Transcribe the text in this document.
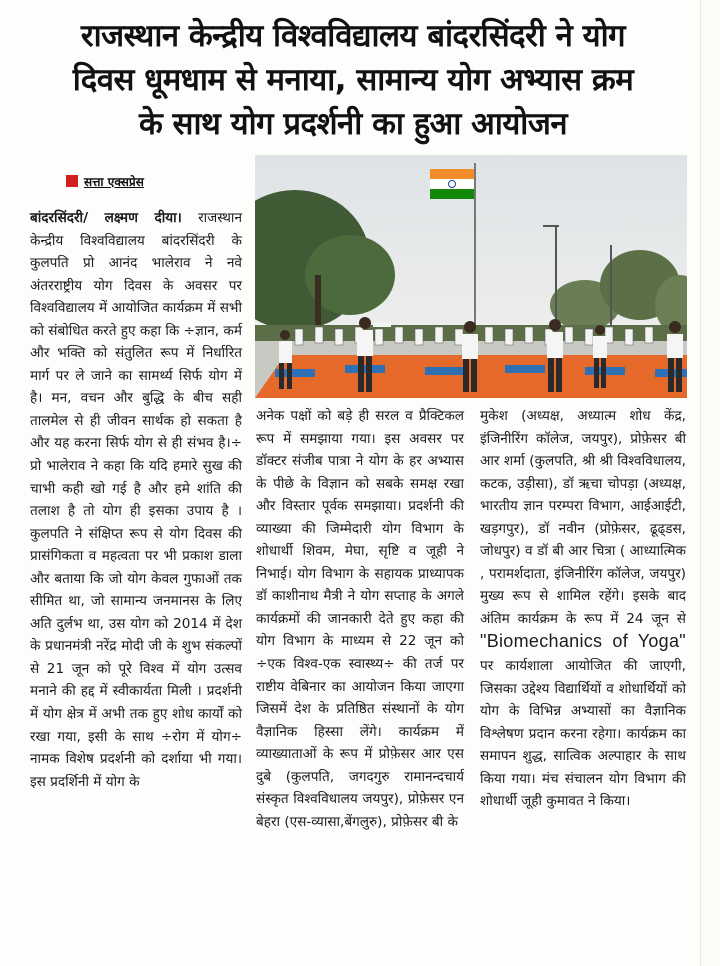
राजस्थान केन्द्रीय विश्वविद्यालय बांदरसिंदरी ने योग
दिवस धूमधाम से मनाया, सामान्य योग अभ्यास क्रम
के साथ योग प्रदर्शनी का हुआ आयोजन
सत्ता एक्सप्रेस

बांदरसिंदरी/ लक्ष्मण दीया। राजस्थान केन्द्रीय विश्वविद्यालय बांदरसिंदरी के कुलपति प्रो आनंद भालेराव ने नवे अंतरराष्ट्रीय योग दिवस के अवसर पर विश्वविद्यालय में आयोजित कार्यक्रम में सभी को संबोधित करते हुए कहा कि ÷ज्ञान, कर्म और भक्ति को संतुलित रूप में निर्धारित मार्ग पर ले जाने का सामर्थ्य सिर्फ योग में है। मन, वचन और बुद्धि के बीच सही तालमेल से ही जीवन सार्थक हो सकता है और यह करना सिर्फ योग से ही संभव है।÷ प्रो भालेराव ने कहा कि यदि हमारे सुख की चाभी कही खो गई है और हमे शांति की तलाश है तो योग ही इसका उपाय है । कुलपति ने संक्षिप्त रूप से योग दिवस की प्रासंगिकता व महत्वता पर भी प्रकाश डाला और बताया कि जो योग केवल गुफाओं तक सीमित था, जो सामान्य जनमानस के लिए अति दुर्लभ था, उस योग को 2014 में देश के प्रधानमंत्री नरेंद्र मोदी जी के शुभ संकल्पों से 21 जून को पूरे विश्व में योग उत्सव मनाने की हद्द में स्वीकार्यता मिली । प्रदर्शनी में योग क्षेत्र में अभी तक हुए शोध कार्यों को रखा गया, इसी के साथ ÷रोग में योग÷ नामक विशेष प्रदर्शनी को दर्शाया भी गया। इस प्रदर्शिनी में योग के

अनेक पक्षों को बड़े ही सरल व प्रैक्टिकल रूप में समझाया गया। इस अवसर पर डॉक्टर संजीब पात्रा ने योग के हर अभ्यास के पीछे के विज्ञान को सबके समक्ष रखा और विस्तार पूर्वक समझाया। प्रदर्शनी की व्याख्या की जिम्मेदारी योग विभाग के शोधार्थी शिवम, मेघा, सृष्टि व जूही ने निभाई। योग विभाग के सहायक प्राध्यापक डॉ काशीनाथ मैत्री ने योग सप्ताह के अगले कार्यक्रमों की जानकारी देते हुए कहा की योग विभाग के माध्यम से 22 जून को ÷एक विश्व-एक स्वास्थ्य÷ की तर्ज पर राष्टीय वेबिनार का आयोजन किया जाएगा जिसमें देश के प्रतिष्ठित संस्थानों के योग वैज्ञानिक हिस्सा लेंगे। कार्यक्रम में व्याख्याताओं के रूप में प्रोफ़ेसर आर एस दुबे (कुलपति, जगदगुरु रामानन्दचार्य संस्कृत विश्वविधालय जयपुर), प्रोफ़ेसर एन बेहरा (एस-व्यासा,बेंगलुरु), प्रोफ़ेसर बी के

मुकेश (अध्यक्ष, अध्यात्म शोध केंद्र, इंजिनीरिंग कॉलेज, जयपुर), प्रोफ़ेसर बी आर शर्मा (कुलपति, श्री श्री विश्वविधालय, कटक, उड़ीसा), डॉ ऋचा चोपड़ा (अध्यक्ष, भारतीय ज्ञान परम्परा विभाग, आईआईटी, खड़गपुर), डॉ नवीन (प्रोफ़ेसर, ढूढ्डस, जोधपुर) व डॉ बी आर चित्रा ( आध्यात्मिक , परामर्शदाता, इंजिनीरिंग कॉलेज, जयपुर) मुख्य रूप से शामिल रहेंगे। इसके बाद अंतिम कार्यक्रम के रूप में 24 जून से "Biomechanics of Yoga" पर कार्यशाला आयोजित की जाएगी, जिसका उद्देश्य विद्यार्थियों व शोधार्थियों को योग के विभिन्न अभ्यासों का वैज्ञानिक विश्लेषण प्रदान करना रहेगा। कार्यक्रम का समापन शुद्ध, सात्विक अल्पाहार के साथ किया गया। मंच संचालन योग विभाग की शोधार्थी जूही कुमावत ने किया।
